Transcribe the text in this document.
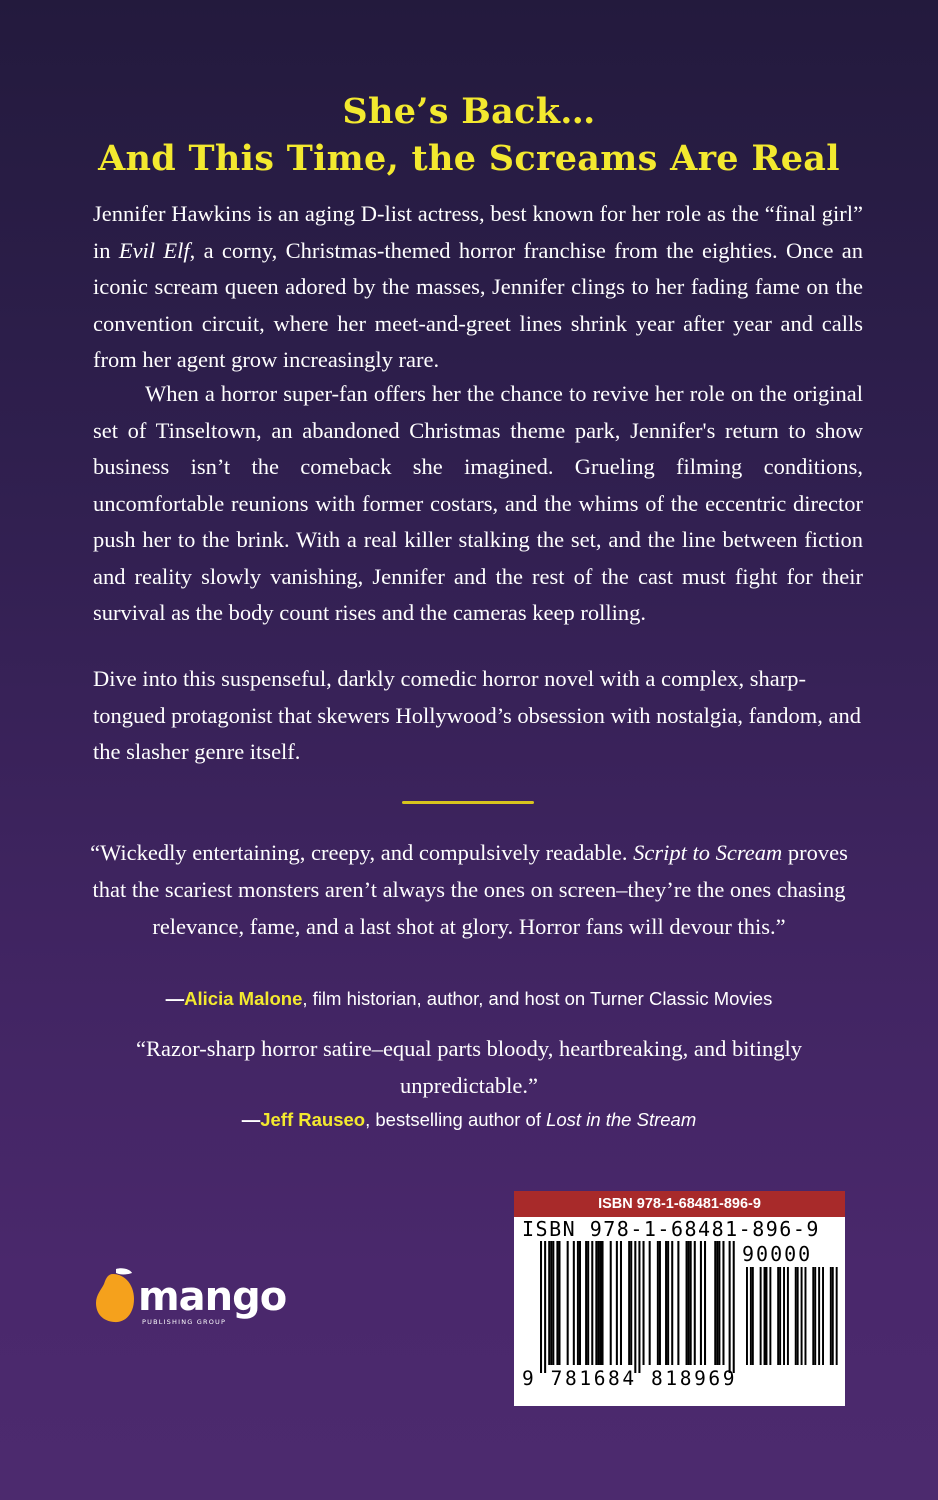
She’s Back…
And This Time, the Screams Are Real

Jennifer Hawkins is an aging D-list actress, best known for her role as the “final girl” in Evil Elf, a corny, Christmas-themed horror franchise from the eighties. Once an iconic scream queen adored by the masses, Jennifer clings to her fading fame on the convention circuit, where her meet-and-greet lines shrink year after year and calls from her agent grow increasingly rare.

When a horror super-fan offers her the chance to revive her role on the original set of Tinseltown, an abandoned Christmas theme park, Jennifer's return to show business isn’t the comeback she imagined. Grueling filming conditions, uncomfortable reunions with former costars, and the whims of the eccentric director push her to the brink. With a real killer stalking the set, and the line between fiction and reality slowly vanishing, Jennifer and the rest of the cast must fight for their survival as the body count rises and the cameras keep rolling.

Dive into this suspenseful, darkly comedic horror novel with a complex, sharp-tongued protagonist that skewers Hollywood’s obsession with nostalgia, fandom, and the slasher genre itself.

“Wickedly entertaining, creepy, and compulsively readable. Script to Scream proves that the scariest monsters aren’t always the ones on screen–they’re the ones chasing relevance, fame, and a last shot at glory. Horror fans will devour this.”

—Alicia Malone, film historian, author, and host on Turner Classic Movies

“Razor-sharp horror satire–equal parts bloody, heartbreaking, and bitingly unpredictable.”

—Jeff Rauseo, bestselling author of Lost in the Stream
mango
PUBLISHING GROUP
ISBN 978-1-68481-896-9
ISBN 978-1-68481-896-9
90000
9 781684 818969
